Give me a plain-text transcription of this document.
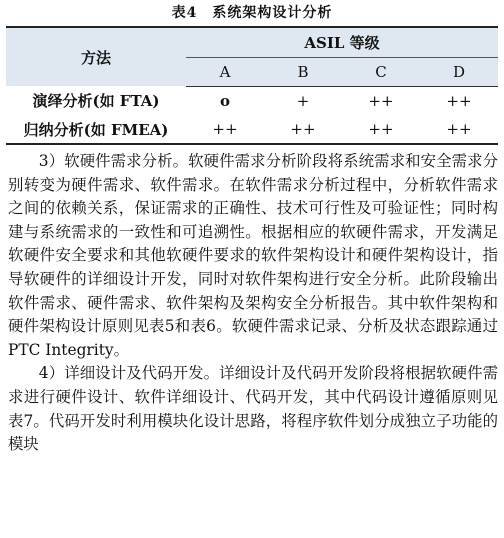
表4　系统架构设计分析
方法	ASIL 等级			
	A	B	C	D
演绎分析(如 FTA)	o	+	++	++
归纳分析(如 FMEA)	++	++	++	++

3）软硬件需求分析。软硬件需求分析阶段将系统需求和安全需求分别转变为硬件需求、软件需求。在软件需求分析过程中，分析软件需求之间的依赖关系，保证需求的正确性、技术可行性及可验证性；同时构建与系统需求的一致性和可追溯性。根据相应的软硬件需求，开发满足软硬件安全要求和其他软硬件要求的软件架构设计和硬件架构设计，指导软硬件的详细设计开发，同时对软件架构进行安全分析。此阶段输出软件需求、硬件需求、软件架构及架构安全分析报告。其中软件架构和硬件架构设计原则见表5和表6。软硬件需求记录、分析及状态跟踪通过PTC Integrity。

4）详细设计及代码开发。详细设计及代码开发阶段将根据软硬件需求进行硬件设计、软件详细设计、代码开发，其中代码设计遵循原则见表7。代码开发时利用模块化设计思路，将程序软件划分成独立子功能的模块
